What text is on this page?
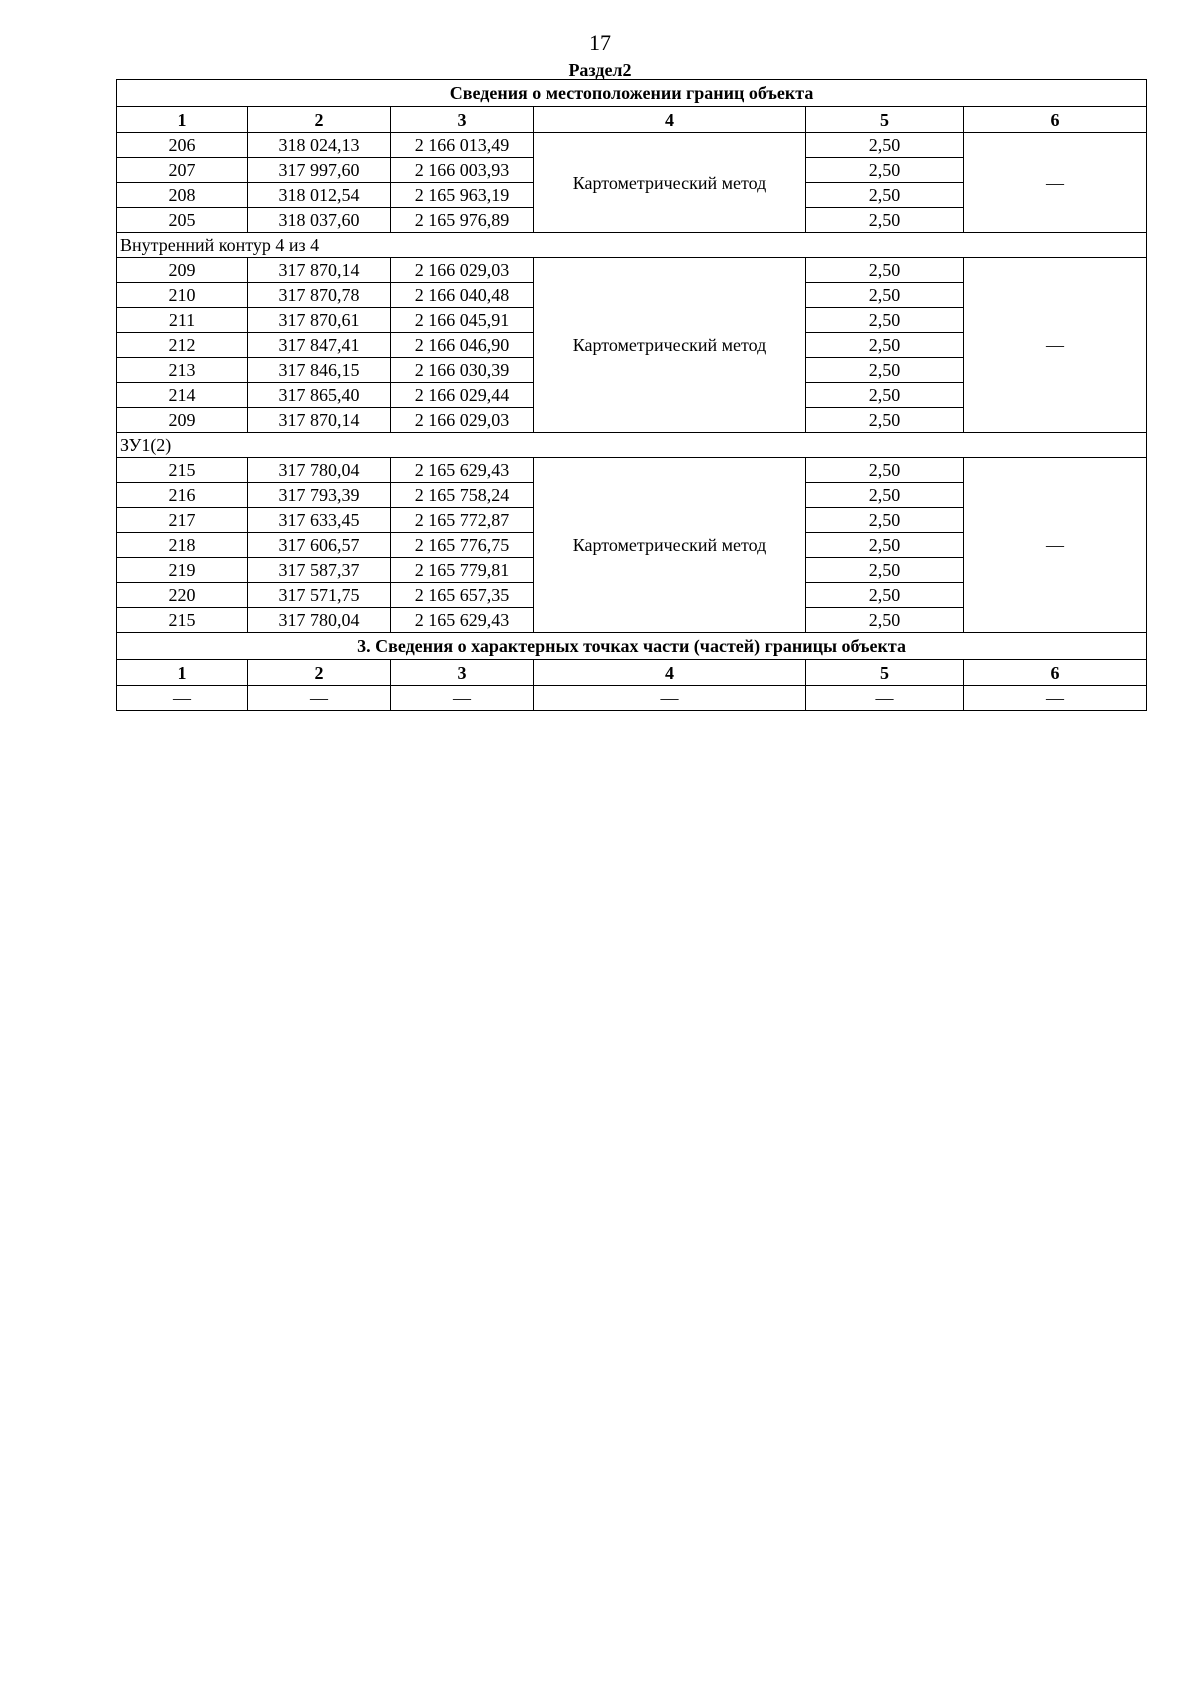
17
Раздел2
Сведения о местоположении границ объекта					
1	2	3	4	5	6
206	318 024,13	2 166 013,49	Картометрический метод	2,50	—
207	317 997,60	2 166 003,93		2,50	
208	318 012,54	2 165 963,19		2,50	
205	318 037,60	2 165 976,89		2,50	
Внутренний контур 4 из 4					
209	317 870,14	2 166 029,03	Картометрический метод	2,50	—
210	317 870,78	2 166 040,48		2,50	
211	317 870,61	2 166 045,91		2,50	
212	317 847,41	2 166 046,90		2,50	
213	317 846,15	2 166 030,39		2,50	
214	317 865,40	2 166 029,44		2,50	
209	317 870,14	2 166 029,03		2,50	
ЗУ1(2)					
215	317 780,04	2 165 629,43	Картометрический метод	2,50	—
216	317 793,39	2 165 758,24		2,50	
217	317 633,45	2 165 772,87		2,50	
218	317 606,57	2 165 776,75		2,50	
219	317 587,37	2 165 779,81		2,50	
220	317 571,75	2 165 657,35		2,50	
215	317 780,04	2 165 629,43		2,50	
3. Сведения о характерных точках части (частей) границы объекта					
1	2	3	4	5	6
—	—	—	—	—	—
